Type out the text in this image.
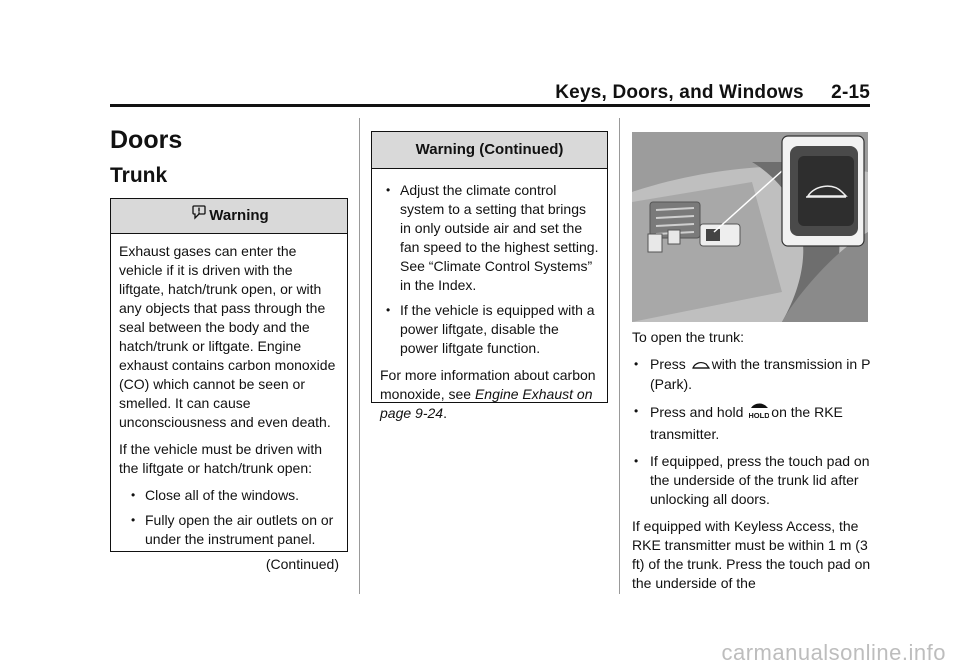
Keys, Doors, and Windows 2-15
Doors
Trunk
Warning

Exhaust gases can enter the vehicle if it is driven with the liftgate, hatch/trunk open, or with any objects that pass through the seal between the body and the hatch/trunk or liftgate. Engine exhaust contains carbon monoxide (CO) which cannot be seen or smelled. It can cause unconsciousness and even death.

If the vehicle must be driven with the liftgate or hatch/trunk open:

• Close all of the windows.
• Fully open the air outlets on or under the instrument panel.
(Continued)
Warning (Continued)
• Adjust the climate control system to a setting that brings in only outside air and set the fan speed to the highest setting. See “Climate Control Systems” in the Index.
• If the vehicle is equipped with a power liftgate, disable the power liftgate function.

For more information about carbon monoxide, see Engine Exhaust on page 9-24.

To open the trunk:
• Press with the transmission in P (Park).
• Press and hold HOLD on the RKE transmitter.
• If equipped, press the touch pad on the underside of the trunk lid after unlocking all doors.

If equipped with Keyless Access, the RKE transmitter must be within 1 m (3 ft) of the trunk. Press the touch pad on the underside of the

carmanualsonline.info
